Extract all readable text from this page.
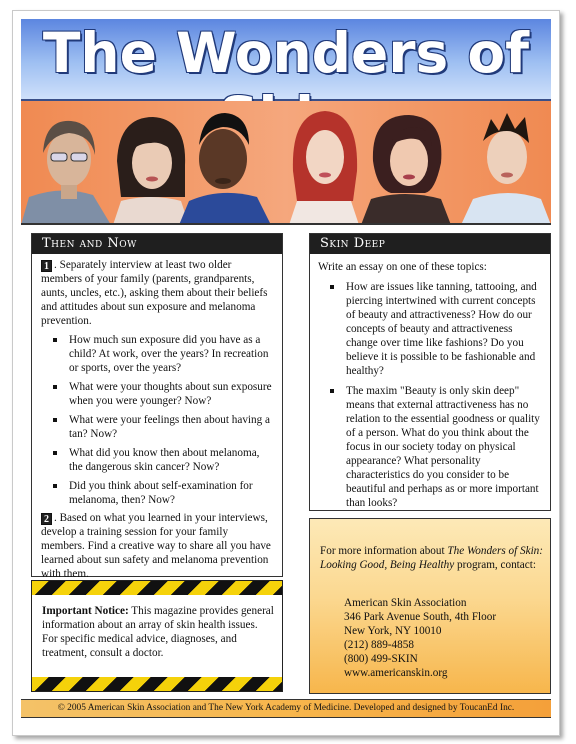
The Wonders of
Then and Now

1 . Separately interview at least two older members of your family (parents, grandparents, aunts, uncles, etc.), asking them about their beliefs and attitudes about sun exposure and melanoma prevention.

How much sun exposure did you have as a child? At work, over the years? In recreation or sports, over the years?
What were your thoughts about sun exposure when you were younger? Now?
What were your feelings then about having a tan? Now?
What did you know then about melanoma, the dangerous skin cancer? Now?
Did you think about self-examination for melanoma, then? Now?

2 . Based on what you learned in your interviews, develop a training session for your family members. Find a creative way to share all you have learned about sun safety and melanoma prevention with them.

Important Notice: This magazine provides general information about an array of skin health issues. For specific medical advice, diagnoses, and treatment, consult a doctor.
Skin Deep

Write an essay on one of these topics:

How are issues like tanning, tattooing, and piercing intertwined with current concepts of beauty and attractiveness? How do our concepts of beauty and attractiveness change over time like fashions? Do you believe it is possible to be fashionable and healthy?
The maxim "Beauty is only skin deep" means that external attractiveness has no relation to the essential goodness or quality of a person. What do you think about the focus in our society today on physical appearance? What personality characteristics do you consider to be beautiful and perhaps as or more important than looks?

For more information about The Wonders of Skin: Looking Good, Being Healthy program, contact:

American Skin Association
346 Park Avenue South, 4th Floor
New York, NY 10010
(212) 889-4858
(800) 499-SKIN
www.americanskin.org
© 2005 American Skin Association and The New York Academy of Medicine. Developed and designed by ToucanEd Inc.
